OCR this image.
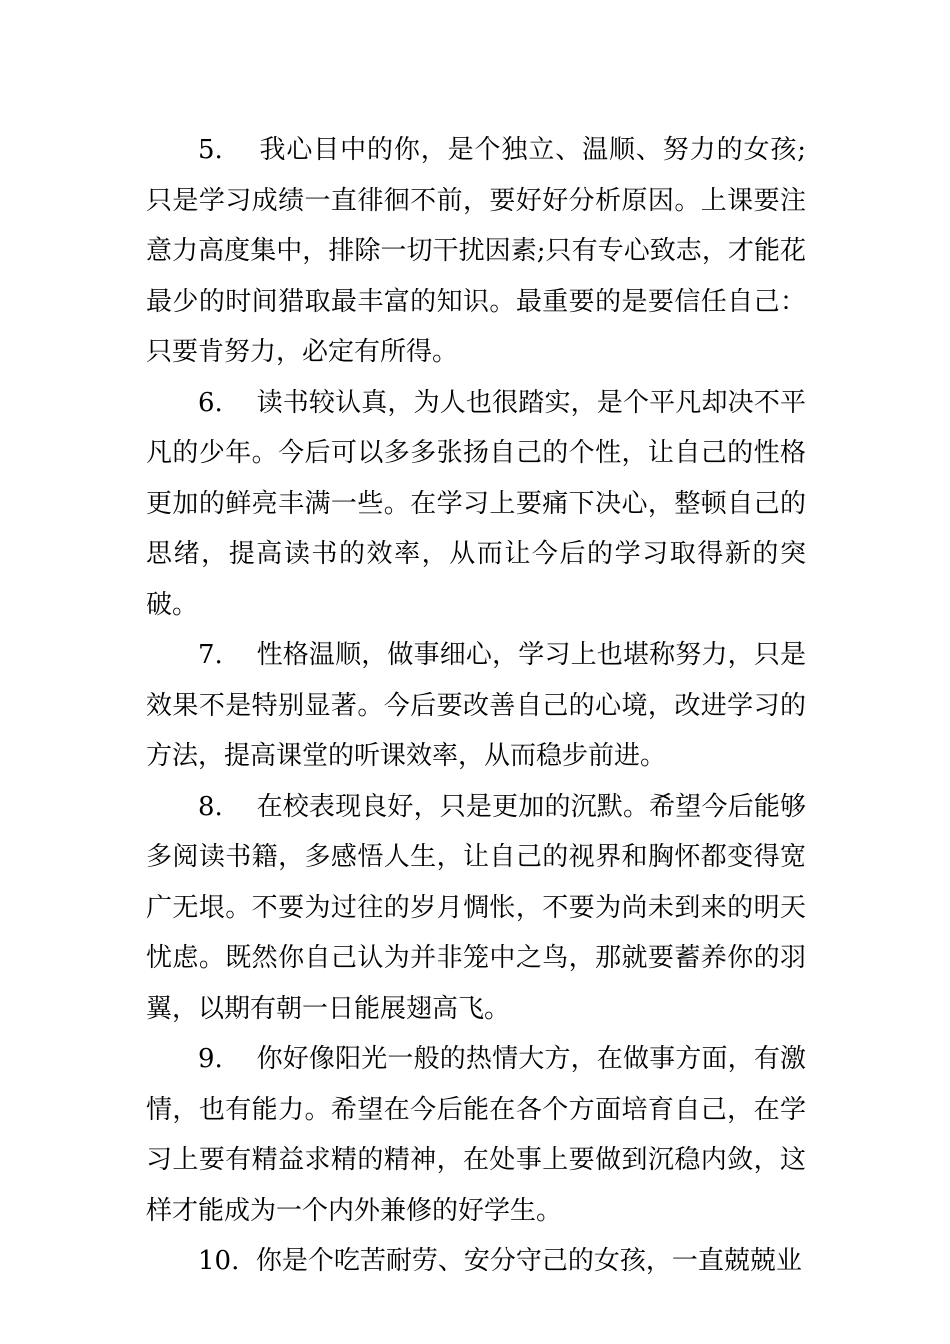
5. 我心目中的你，是个独立、温顺、努力的女孩;只是学习成绩一直徘徊不前，要好好分析原因。上课要注意力高度集中，排除一切干扰因素;只有专心致志，才能花最少的时间猎取最丰富的知识。最重要的是要信任自己：只要肯努力，必定有所得。

6. 读书较认真，为人也很踏实，是个平凡却决不平凡的少年。今后可以多多张扬自己的个性，让自己的性格更加的鲜亮丰满一些。在学习上要痛下决心，整顿自己的思绪，提高读书的效率，从而让今后的学习取得新的突破。

7. 性格温顺，做事细心，学习上也堪称努力，只是效果不是特别显著。今后要改善自己的心境，改进学习的方法，提高课堂的听课效率，从而稳步前进。

8. 在校表现良好，只是更加的沉默。希望今后能够多阅读书籍，多感悟人生，让自己的视界和胸怀都变得宽广无垠。不要为过往的岁月惆怅，不要为尚未到来的明天忧虑。既然你自己认为并非笼中之鸟，那就要蓄养你的羽翼，以期有朝一日能展翅高飞。

9. 你好像阳光一般的热情大方，在做事方面，有激情，也有能力。希望在今后能在各个方面培育自己，在学习上要有精益求精的精神，在处事上要做到沉稳内敛，这样才能成为一个内外兼修的好学生。

10. 你是个吃苦耐劳、安分守己的女孩，一直兢兢业
